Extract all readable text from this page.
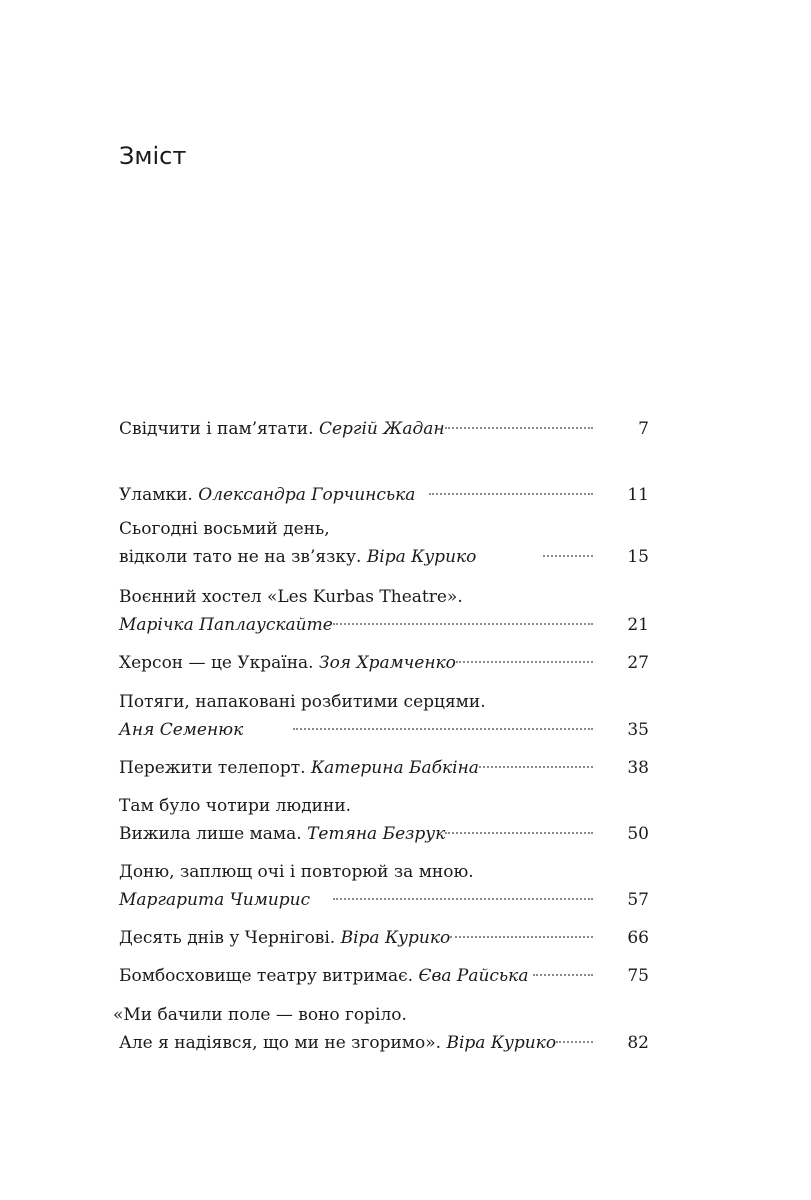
Зміст
Свідчити і пам’ятати. Сергій Жадан	7
Уламки. Олександра Горчинська	11
Сьогодні восьмий день,
відколи тато не на зв’язку. Віра Курико	15
Воєнний хостел «Les Kurbas Theatre».
Марічка Паплаускайте	21
Херсон — це Україна. Зоя Храмченко	27
Потяги, напаковані розбитими серцями.
Аня Семенюк	35
Пережити телепорт. Катерина Бабкіна	38
Там було чотири людини.
Вижила лише мама. Тетяна Безрук	50
Доню, заплющ очі і повторюй за мною.
Маргарита Чимирис	57
Десять днів у Чернігові. Віра Курико	66
Бомбосховище театру витримає. Єва Райська	75
«Ми бачили поле — воно горіло.
Але я надіявся, що ми не згоримо». Віра Курико	82
